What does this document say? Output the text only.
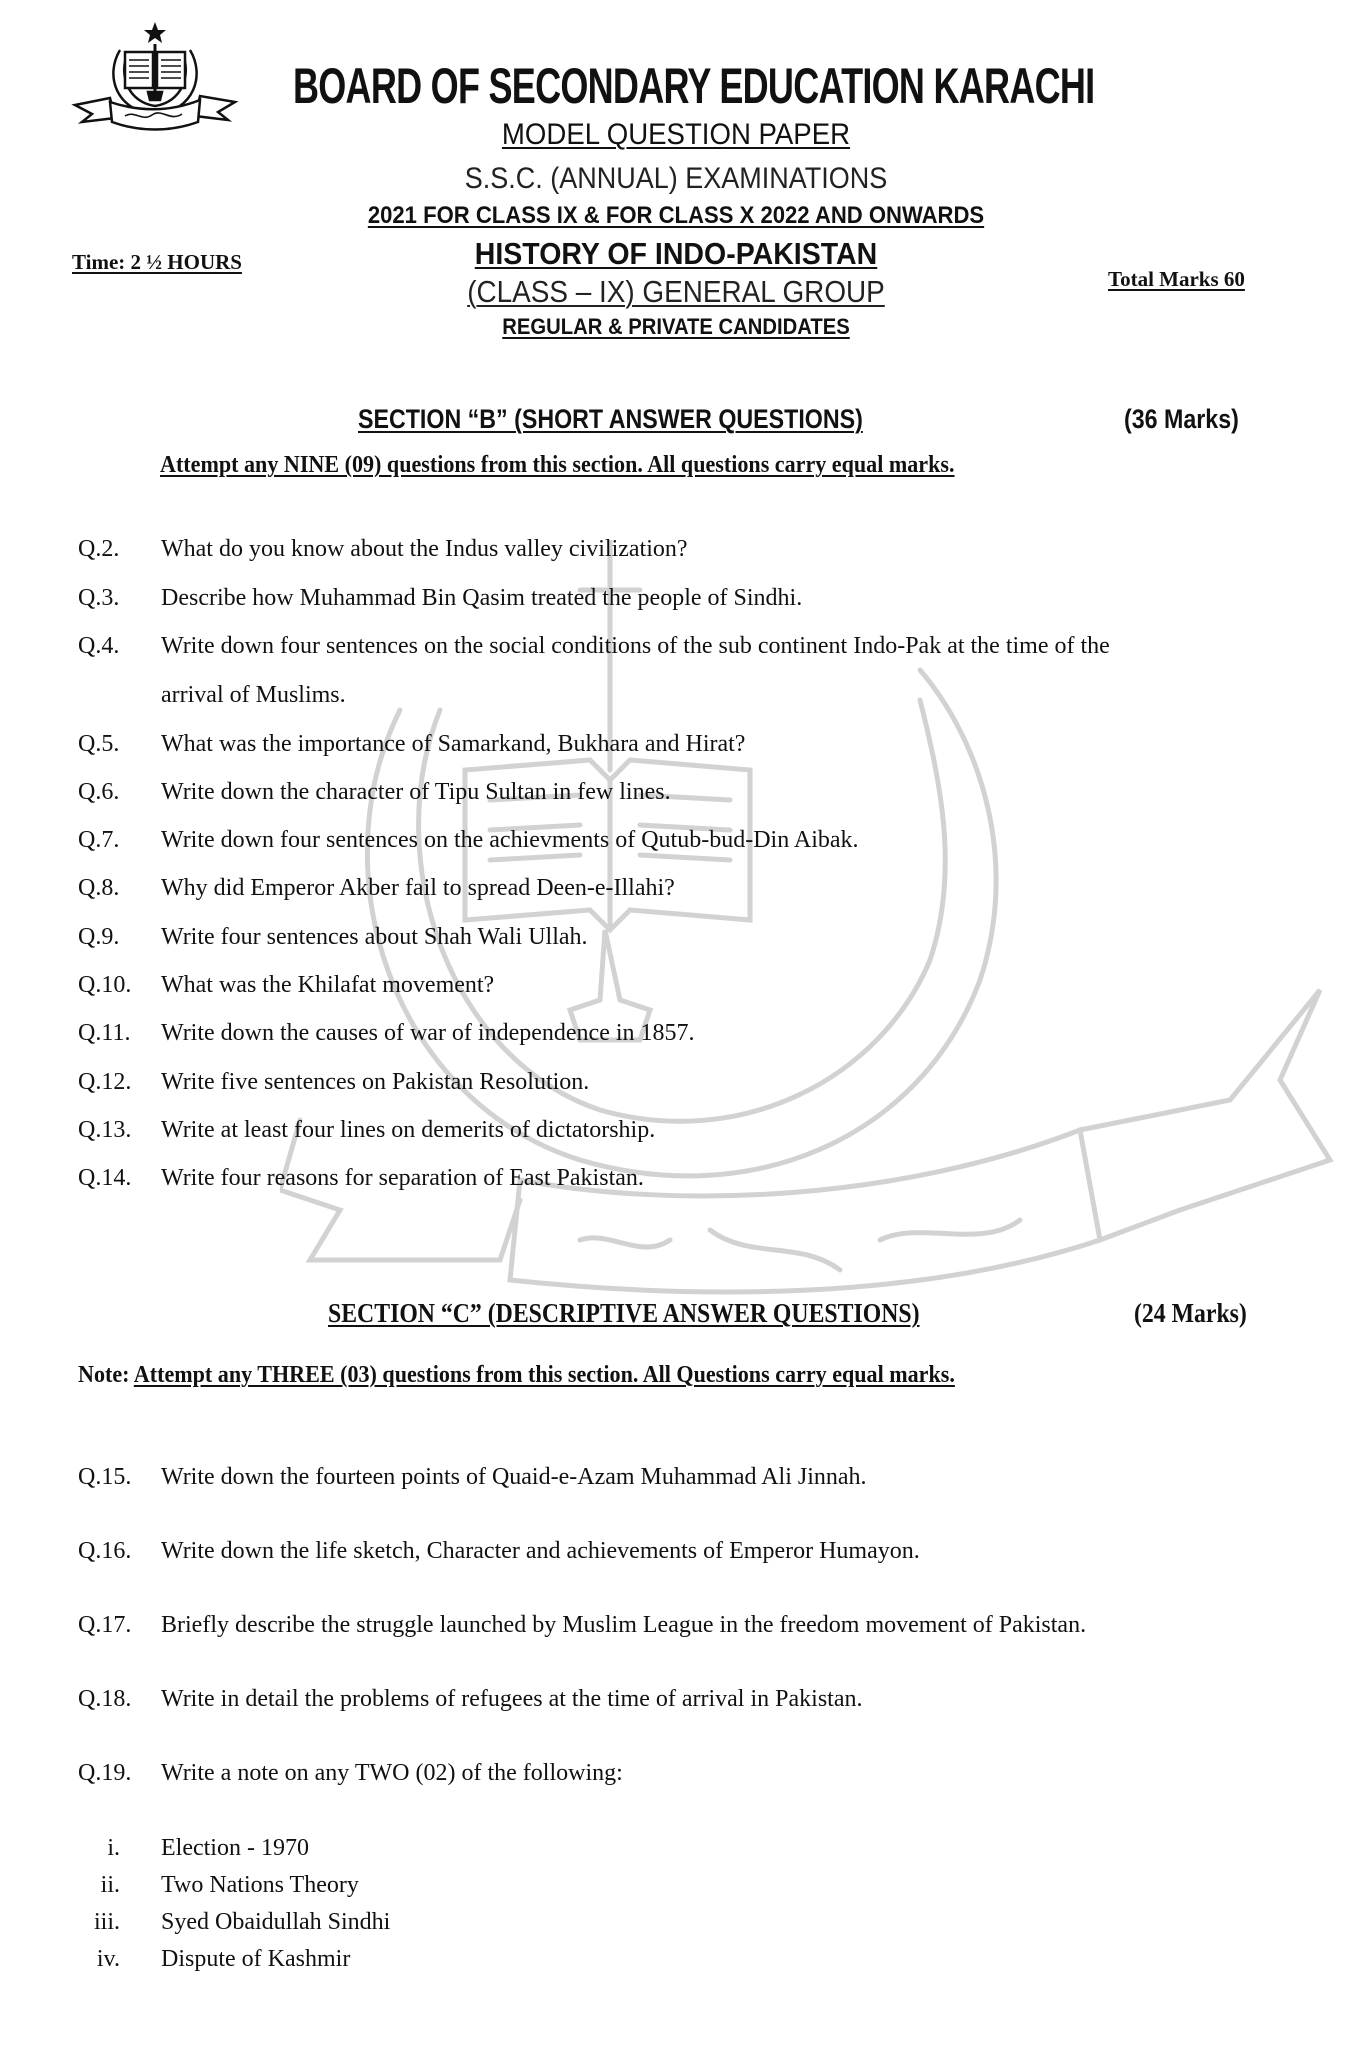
BOARD OF SECONDARY EDUCATION KARACHI
MODEL QUESTION PAPER
S.S.C. (ANNUAL) EXAMINATIONS
2021 FOR CLASS IX & FOR CLASS X 2022 AND ONWARDS
HISTORY OF INDO-PAKISTAN
(CLASS – IX) GENERAL GROUP
REGULAR & PRIVATE CANDIDATES
Time: 2 ½ HOURS
Total Marks 60
SECTION “B” (SHORT ANSWER QUESTIONS)	(36 Marks)
Attempt any NINE (09) questions from this section. All questions carry equal marks.
Q.2. What do you know about the Indus valley civilization?
Q.3. Describe how Muhammad Bin Qasim treated the people of Sindhi.
Q.4. Write down four sentences on the social conditions of the sub continent Indo-Pak at the time of the
arrival of Muslims.
Q.5. What was the importance of Samarkand, Bukhara and Hirat?
Q.6. Write down the character of Tipu Sultan in few lines.
Q.7. Write down four sentences on the achievments of Qutub-bud-Din Aibak.
Q.8. Why did Emperor Akber fail to spread Deen-e-Illahi?
Q.9. Write four sentences about Shah Wali Ullah.
Q.10. What was the Khilafat movement?
Q.11. Write down the causes of war of independence in 1857.
Q.12. Write five sentences on Pakistan Resolution.
Q.13. Write at least four lines on demerits of dictatorship.
Q.14. Write four reasons for separation of East Pakistan.
SECTION “C” (DESCRIPTIVE ANSWER QUESTIONS)	(24 Marks)
Note: Attempt any THREE (03) questions from this section. All Questions carry equal marks.
Q.15. Write down the fourteen points of Quaid-e-Azam Muhammad Ali Jinnah.
Q.16. Write down the life sketch, Character and achievements of Emperor Humayon.
Q.17. Briefly describe the struggle launched by Muslim League in the freedom movement of Pakistan.
Q.18. Write in detail the problems of refugees at the time of arrival in Pakistan.
Q.19. Write a note on any TWO (02) of the following:
i. Election - 1970
ii. Two Nations Theory
iii. Syed Obaidullah Sindhi
iv. Dispute of Kashmir
